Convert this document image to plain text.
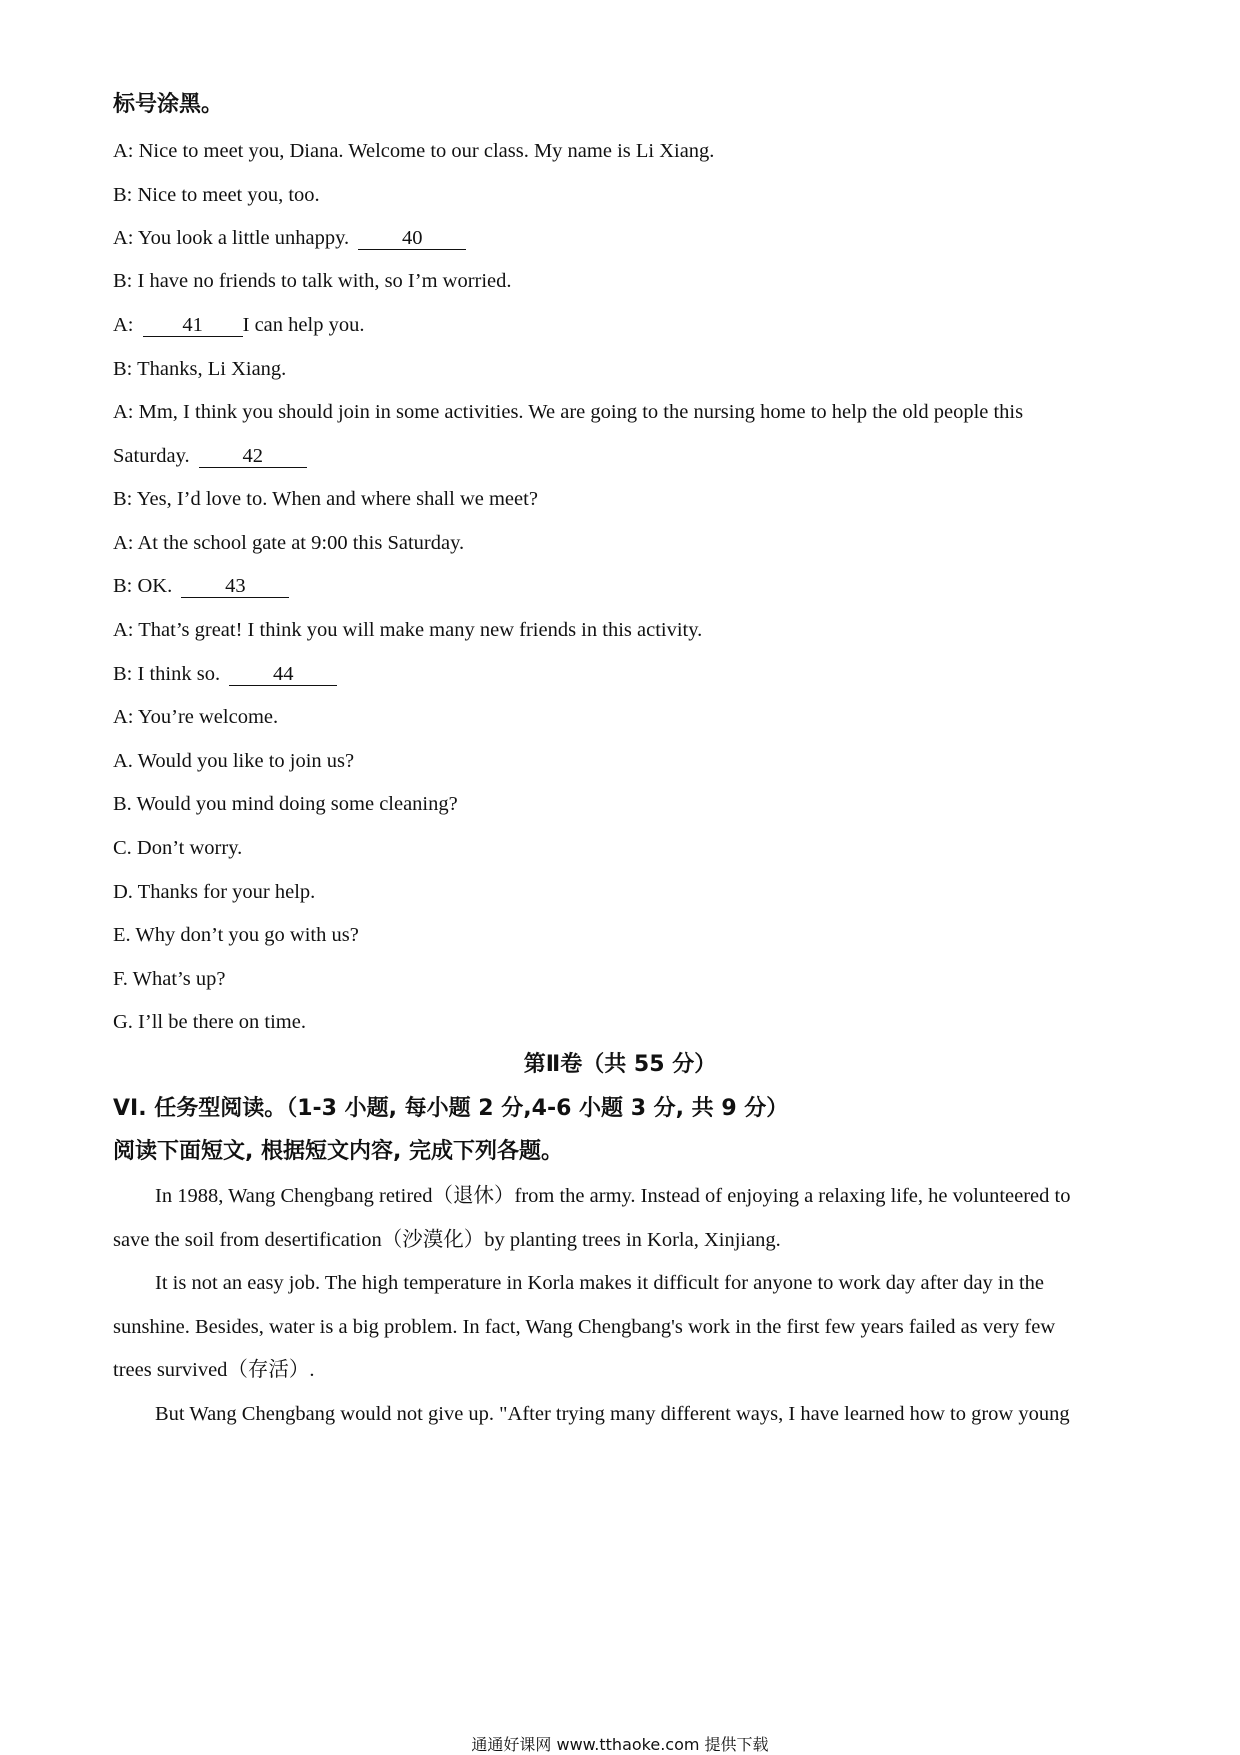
标号涂黑。
A: Nice to meet you, Diana. Welcome to our class. My name is Li Xiang.
B: Nice to meet you, too.
A: You look a little unhappy.	40
B: I have no friends to talk with, so I’m worried.
A: 41 I can help you.
B: Thanks, Li Xiang.
A: Mm, I think you should join in some activities. We are going to the nursing home to help the old people this
Saturday.	42
B: Yes, I’d love to. When and where shall we meet?
A: At the school gate at 9:00 this Saturday.
B: OK.	43
A: That’s great! I think you will make many new friends in this activity.
B: I think so.	44
A: You’re welcome.
A. Would you like to join us?
B. Would you mind doing some cleaning?
C. Don’t worry.
D. Thanks for your help.
E. Why don’t you go with us?
F. What’s up?
G. I’ll be there on time.
第Ⅱ卷（共 55 分）
VI. 任务型阅读。（1-3 小题, 每小题 2 分,4-6 小题 3 分, 共 9 分）
阅读下面短文, 根据短文内容, 完成下列各题。
In 1988, Wang Chengbang retired（退休）from the army. Instead of enjoying a relaxing life, he volunteered to
save the soil from desertification（沙漠化）by planting trees in Korla, Xinjiang.
It is not an easy job. The high temperature in Korla makes it difficult for anyone to work day after day in the
sunshine. Besides, water is a big problem. In fact, Wang Chengbang's work in the first few years failed as very few
trees survived（存活）.
But Wang Chengbang would not give up. "After trying many different ways, I have learned how to grow young
通通好课网 www.tthaoke.com 提供下载
